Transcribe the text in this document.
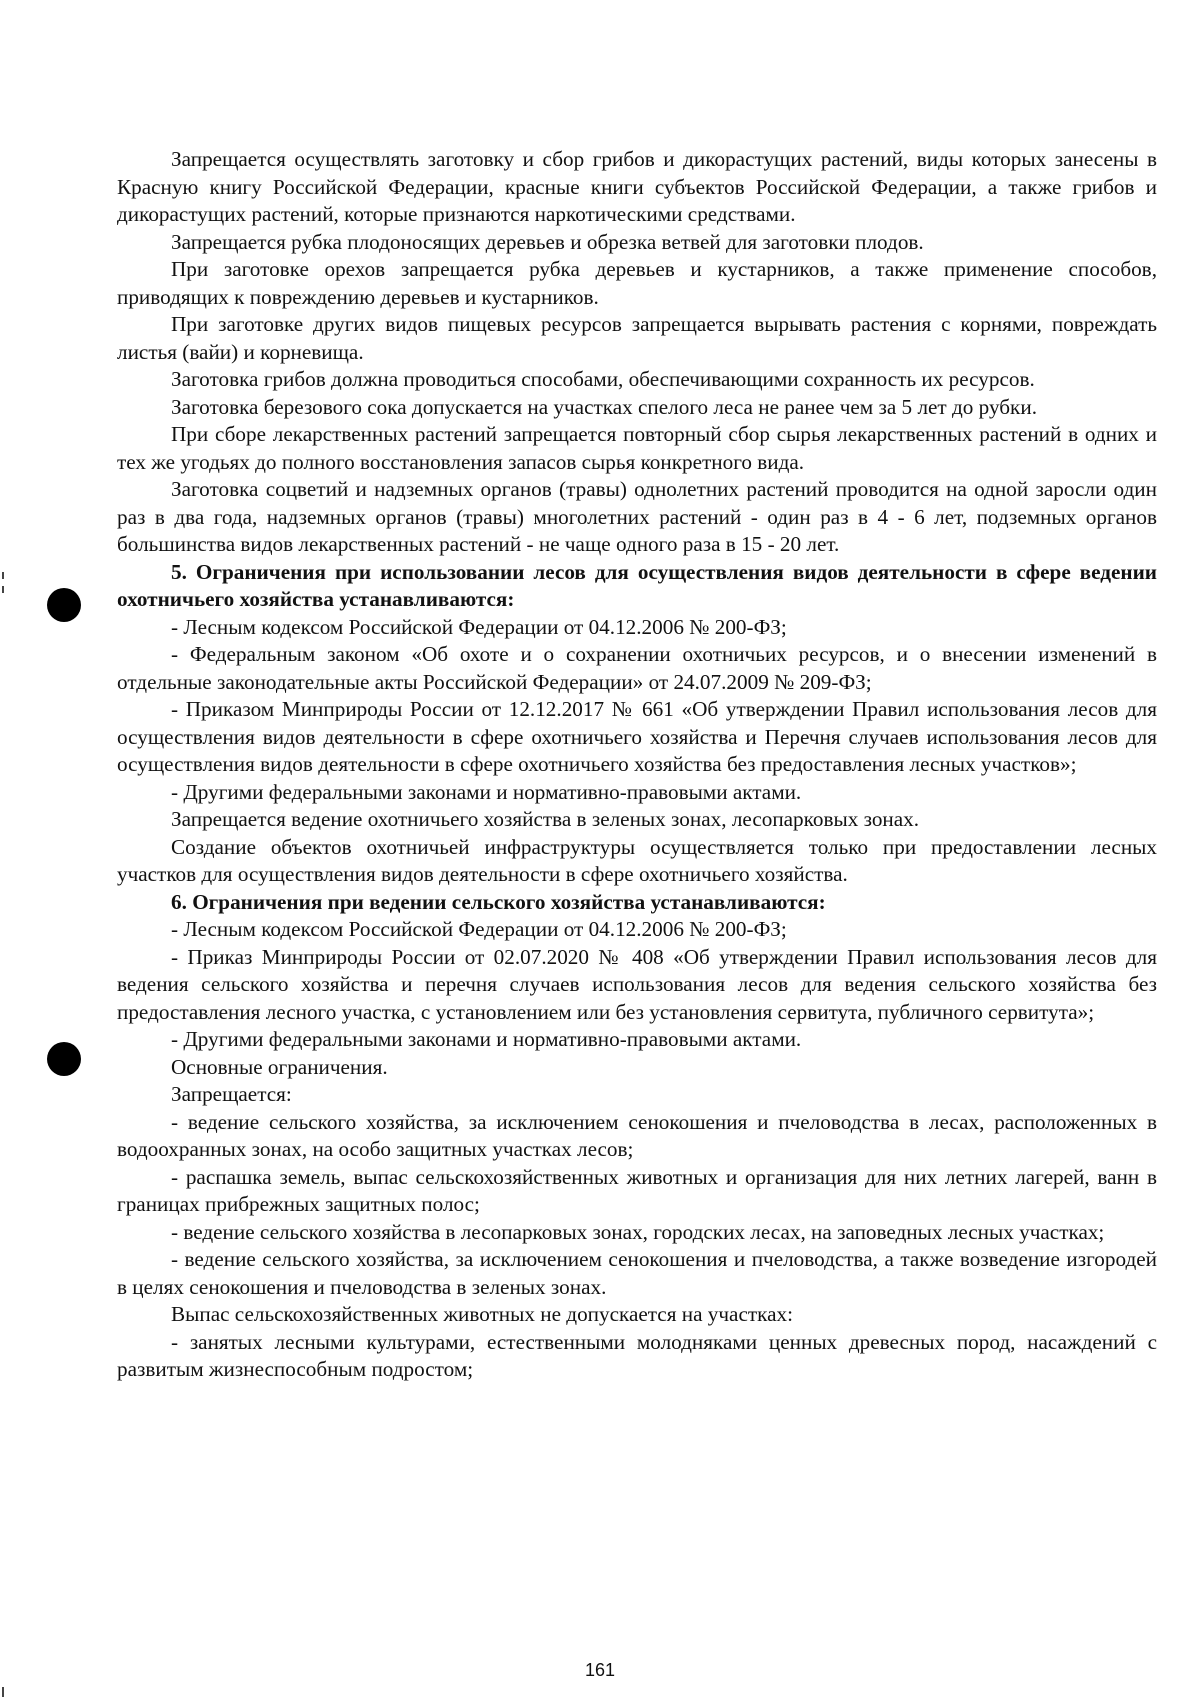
Запрещается осуществлять заготовку и сбор грибов и дикорастущих растений, виды которых занесены в Красную книгу Российской Федерации, красные книги субъектов Российской Федерации, а также грибов и дикорастущих растений, которые признаются наркотическими средствами.

Запрещается рубка плодоносящих деревьев и обрезка ветвей для заготовки плодов.

При заготовке орехов запрещается рубка деревьев и кустарников, а также применение способов, приводящих к повреждению деревьев и кустарников.

При заготовке других видов пищевых ресурсов запрещается вырывать растения с корнями, повреждать листья (вайи) и корневища.

Заготовка грибов должна проводиться способами, обеспечивающими сохранность их ресурсов.

Заготовка березового сока допускается на участках спелого леса не ранее чем за 5 лет до рубки.

При сборе лекарственных растений запрещается повторный сбор сырья лекарственных растений в одних и тех же угодьях до полного восстановления запасов сырья конкретного вида.

Заготовка соцветий и надземных органов (травы) однолетних растений проводится на одной заросли один раз в два года, надземных органов (травы) многолетних растений - один раз в 4 - 6 лет, подземных органов большинства видов лекарственных растений - не чаще одного раза в 15 - 20 лет.

5. Ограничения при использовании лесов для осуществления видов деятельности в сфере ведении охотничьего хозяйства устанавливаются:

- Лесным кодексом Российской Федерации от 04.12.2006 № 200-ФЗ;

- Федеральным законом «Об охоте и о сохранении охотничьих ресурсов, и о внесении изменений в отдельные законодательные акты Российской Федерации» от 24.07.2009 № 209-ФЗ;

- Приказом Минприроды России от 12.12.2017 № 661 «Об утверждении Правил использования лесов для осуществления видов деятельности в сфере охотничьего хозяйства и Перечня случаев использования лесов для осуществления видов деятельности в сфере охотничьего хозяйства без предоставления лесных участков»;

- Другими федеральными законами и нормативно-правовыми актами.

Запрещается ведение охотничьего хозяйства в зеленых зонах, лесопарковых зонах.

Создание объектов охотничьей инфраструктуры осуществляется только при предоставлении лесных участков для осуществления видов деятельности в сфере охотничьего хозяйства.

6. Ограничения при ведении сельского хозяйства устанавливаются:

- Лесным кодексом Российской Федерации от 04.12.2006 № 200-ФЗ;

- Приказ Минприроды России от 02.07.2020 № 408 «Об утверждении Правил использования лесов для ведения сельского хозяйства и перечня случаев использования лесов для ведения сельского хозяйства без предоставления лесного участка, с установлением или без установления сервитута, публичного сервитута»;

- Другими федеральными законами и нормативно-правовыми актами.

Основные ограничения.

Запрещается:

- ведение сельского хозяйства, за исключением сенокошения и пчеловодства в лесах, расположенных в водоохранных зонах, на особо защитных участках лесов;

- распашка земель, выпас сельскохозяйственных животных и организация для них летних лагерей, ванн в границах прибрежных защитных полос;

- ведение сельского хозяйства в лесопарковых зонах, городских лесах, на заповедных лесных участках;

- ведение сельского хозяйства, за исключением сенокошения и пчеловодства, а также возведение изгородей в целях сенокошения и пчеловодства в зеленых зонах.

Выпас сельскохозяйственных животных не допускается на участках:

- занятых лесными культурами, естественными молодняками ценных древесных пород, насаждений с развитым жизнеспособным подростом;

161
